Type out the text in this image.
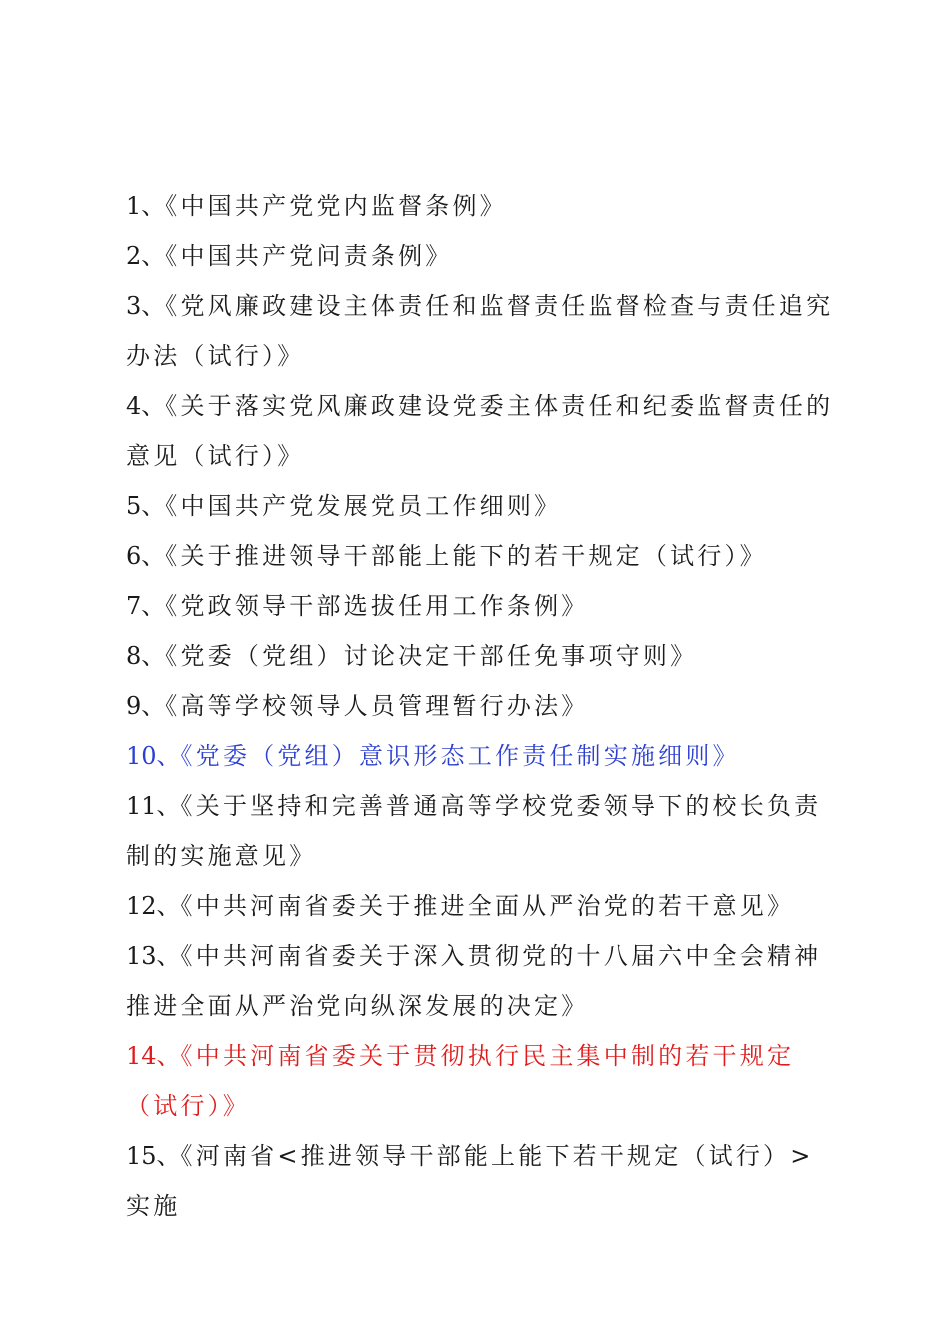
1、《中国共产党党内监督条例》

2、《中国共产党问责条例》

3、《党风廉政建设主体责任和监督责任监督检查与责任追究办法（试行）》

4、《关于落实党风廉政建设党委主体责任和纪委监督责任的意见（试行）》

5、《中国共产党发展党员工作细则》

6、《关于推进领导干部能上能下的若干规定（试行）》

7、《党政领导干部选拔任用工作条例》

8、《党委（党组）讨论决定干部任免事项守则》

9、《高等学校领导人员管理暂行办法》

10、《党委（党组）意识形态工作责任制实施细则》

11、《关于坚持和完善普通高等学校党委领导下的校长负责制的实施意见》

12、《中共河南省委关于推进全面从严治党的若干意见》

13、《中共河南省委关于深入贯彻党的十八届六中全会精神推进全面从严治党向纵深发展的决定》

14、《中共河南省委关于贯彻执行民主集中制的若干规定（试行）》

15、《河南省<推进领导干部能上能下若干规定（试行）>实施
